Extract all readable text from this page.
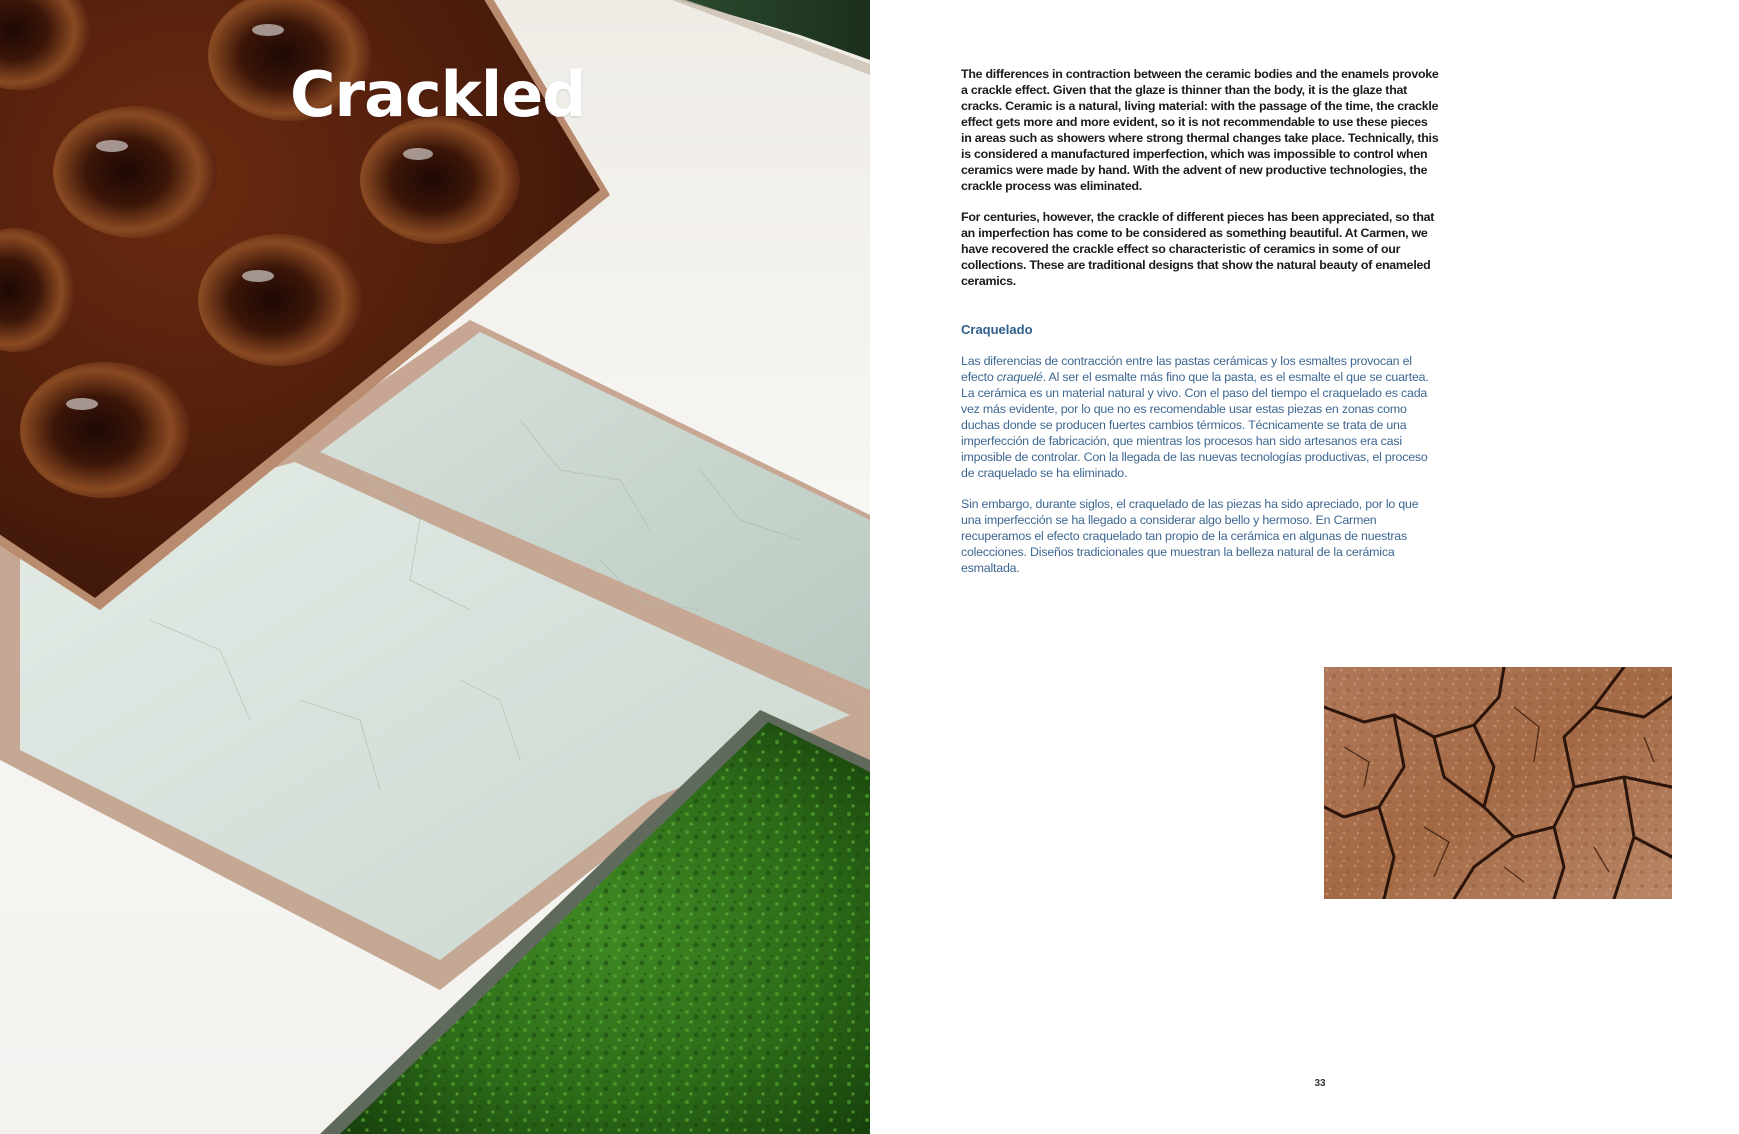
Crackled	The differences in contraction between the ceramic bodies and the enamels provoke a crackle effect. Given that the glaze is thinner than the body, it is the glaze that cracks. Ceramic is a natural, living material: with the passage of the time, the crackle effect gets more and more evident, so it is not recommendable to use these pieces in areas such as showers where strong thermal changes take place. Technically, this is considered a manufactured imperfection, which was impossible to control when ceramics were made by hand. With the advent of new productive technologies, the crackle process was eliminated.

For centuries, however, the crackle of different pieces has been appreciated, so that an imperfection has come to be considered as something beautiful. At Carmen, we have recovered the crackle effect so characteristic of ceramics in some of our collections. These are traditional designs that show the natural beauty of enameled ceramics.

Craquelado

Las diferencias de contracción entre las pastas cerámicas y los esmaltes provocan el efecto craquelé. Al ser el esmalte más fino que la pasta, es el esmalte el que se cuartea. La cerámica es un material natural y vivo. Con el paso del tiempo el craquelado es cada vez más evidente, por lo que no es recomendable usar estas piezas en zonas como duchas donde se producen fuertes cambios térmicos. Técnicamente se trata de una imperfección de fabricación, que mientras los procesos han sido artesanos era casi imposible de controlar. Con la llegada de las nuevas tecnologías productivas, el proceso de craquelado se ha eliminado.

Sin embargo, durante siglos, el craquelado de las piezas ha sido apreciado, por lo que una imperfección se ha llegado a considerar algo bello y hermoso. En Carmen recuperamos el efecto craquelado tan propio de la cerámica en algunas de nuestras colecciones. Diseños tradicionales que muestran la belleza natural de la cerámica esmaltada.

33
